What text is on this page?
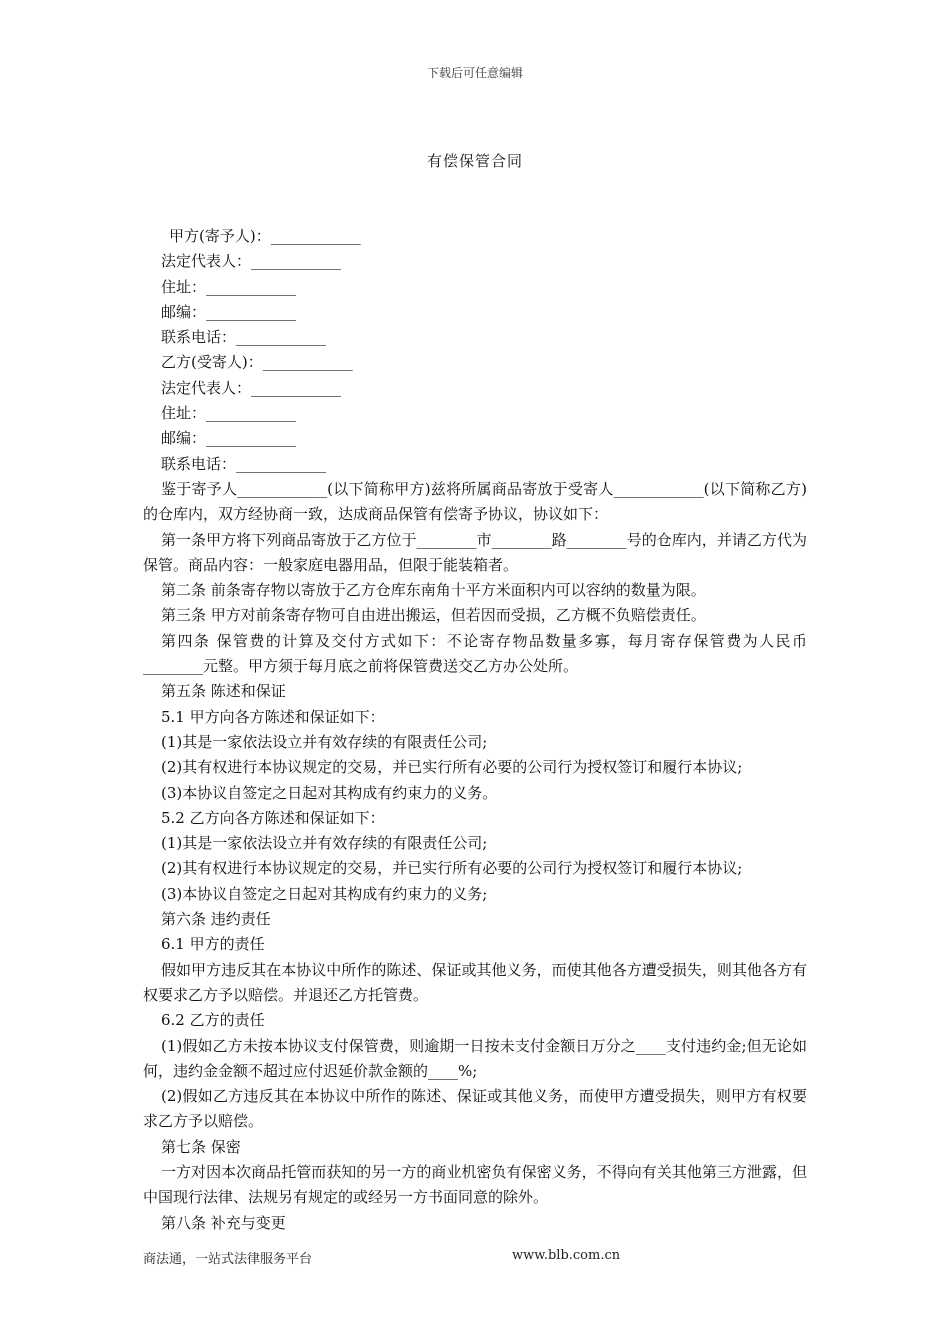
下载后可任意编辑
有偿保管合同
甲方(寄予人)：____________
法定代表人：____________
住址：____________
邮编：____________
联系电话：____________
乙方(受寄人)：____________
法定代表人：____________
住址：____________
邮编：____________
联系电话：____________
鉴于寄予人____________(以下简称甲方)兹将所属商品寄放于受寄人____________(以下简称乙方)的仓库内，双方经协商一致，达成商品保管有偿寄予协议，协议如下：
第一条甲方将下列商品寄放于乙方位于________市________路________号的仓库内，并请乙方代为保管。商品内容：一般家庭电器用品，但限于能装箱者。
第二条 前条寄存物以寄放于乙方仓库东南角十平方米面积内可以容纳的数量为限。
第三条 甲方对前条寄存物可自由进出搬运，但若因而受损，乙方概不负赔偿责任。
第四条 保管费的计算及交付方式如下：不论寄存物品数量多寡，每月寄存保管费为人民币________元整。甲方须于每月底之前将保管费送交乙方办公处所。
第五条 陈述和保证
5.1 甲方向各方陈述和保证如下：
(1)其是一家依法设立并有效存续的有限责任公司;
(2)其有权进行本协议规定的交易，并已实行所有必要的公司行为授权签订和履行本协议;
(3)本协议自签定之日起对其构成有约束力的义务。
5.2 乙方向各方陈述和保证如下：
(1)其是一家依法设立并有效存续的有限责任公司;
(2)其有权进行本协议规定的交易，并已实行所有必要的公司行为授权签订和履行本协议;
(3)本协议自签定之日起对其构成有约束力的义务;
第六条 违约责任
6.1 甲方的责任
假如甲方违反其在本协议中所作的陈述、保证或其他义务，而使其他各方遭受损失，则其他各方有权要求乙方予以赔偿。并退还乙方托管费。
6.2 乙方的责任
(1)假如乙方未按本协议支付保管费，则逾期一日按未支付金额日万分之____支付违约金;但无论如何，违约金金额不超过应付迟延价款金额的____%;
(2)假如乙方违反其在本协议中所作的陈述、保证或其他义务，而使甲方遭受损失，则甲方有权要求乙方予以赔偿。
第七条 保密
一方对因本次商品托管而获知的另一方的商业机密负有保密义务，不得向有关其他第三方泄露，但中国现行法律、法规另有规定的或经另一方书面同意的除外。
第八条 补充与变更
商法通，一站式法律服务平台	www.blb.com.cn
